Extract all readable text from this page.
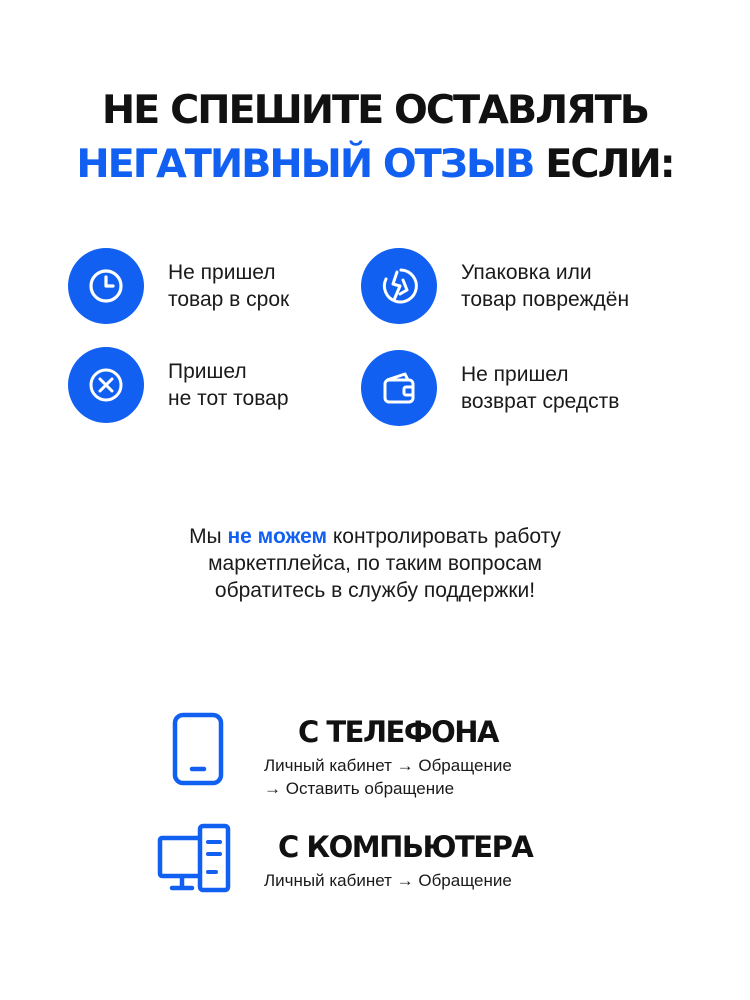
НЕ СПЕШИТЕ ОСТАВЛЯТЬ
НЕГАТИВНЫЙ ОТЗЫВ ЕСЛИ:
Не пришел
товар в срок
Упаковка или
товар повреждён
Пришел
не тот товар
Не пришел
возврат средств
Мы не можем контролировать работу
маркетплейса, по таким вопросам
обратитесь в службу поддержки!
С ТЕЛЕФОНА
Личный кабинет → Обращение
→ Оставить обращение
С КОМПЬЮТЕРА
Личный кабинет → Обращение
